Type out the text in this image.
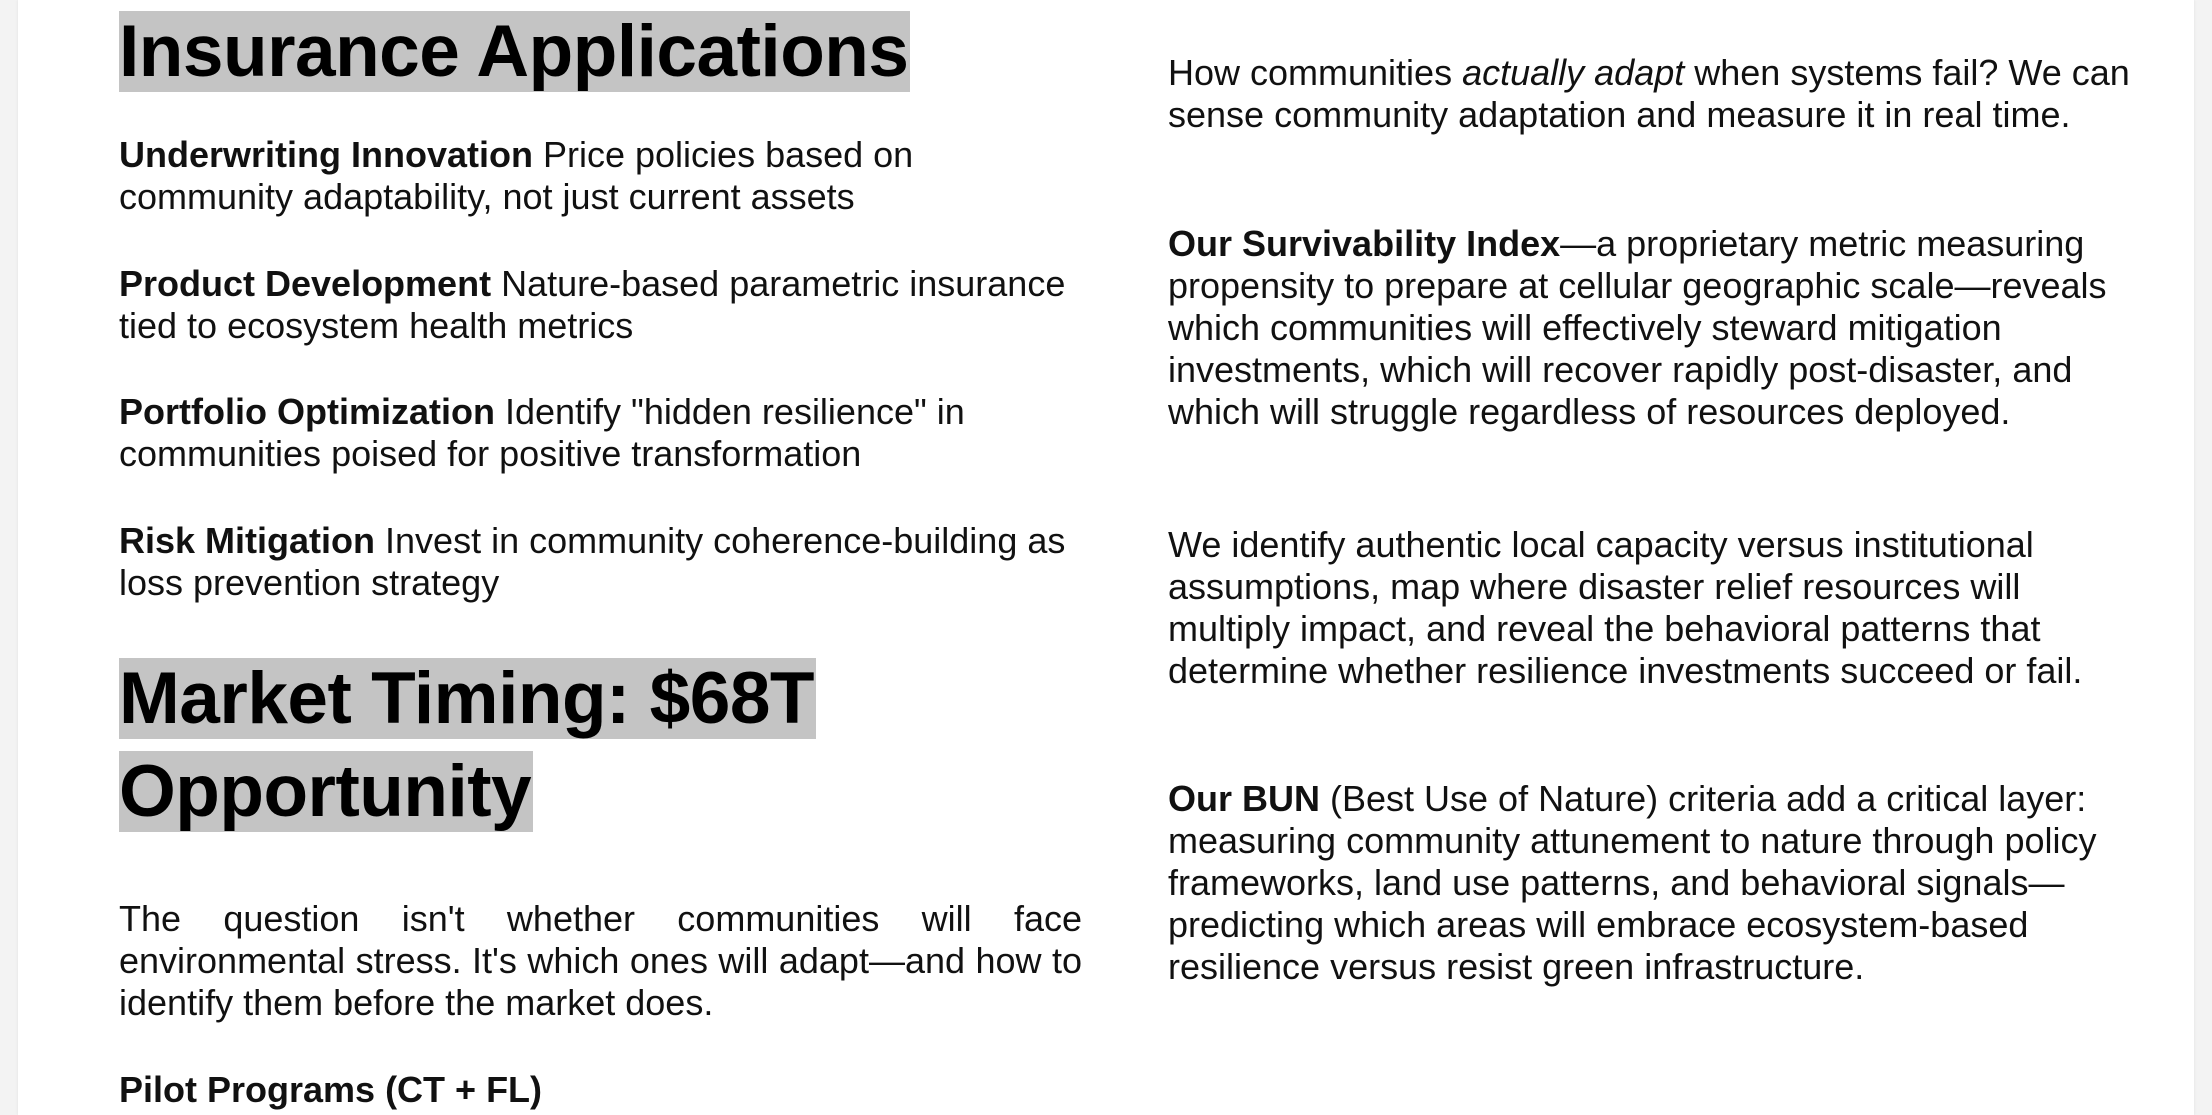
Insurance Applications

Underwriting Innovation Price policies based on community adaptability, not just current assets

Product Development Nature-based parametric insurance tied to ecosystem health metrics

Portfolio Optimization Identify "hidden resilience" in communities poised for positive transformation

Risk Mitigation Invest in community coherence-building as loss prevention strategy

Market Timing: $68T
Opportunity

The question isn't whether communities will face environmental stress. It's which ones will adapt—and how to identify them before the market does.

Pilot Programs (CT + FL)

How communities actually adapt when systems fail? We can sense community adaptation and measure it in real time.

Our Survivability Index—a proprietary metric measuring propensity to prepare at cellular geographic scale—reveals which communities will effectively steward mitigation investments, which will recover rapidly post-disaster, and which will struggle regardless of resources deployed.

We identify authentic local capacity versus institutional assumptions, map where disaster relief resources will multiply impact, and reveal the behavioral patterns that determine whether resilience investments succeed or fail.

Our BUN (Best Use of Nature) criteria add a critical layer: measuring community attunement to nature through policy frameworks, land use patterns, and behavioral signals—predicting which areas will embrace ecosystem-based resilience versus resist green infrastructure.
